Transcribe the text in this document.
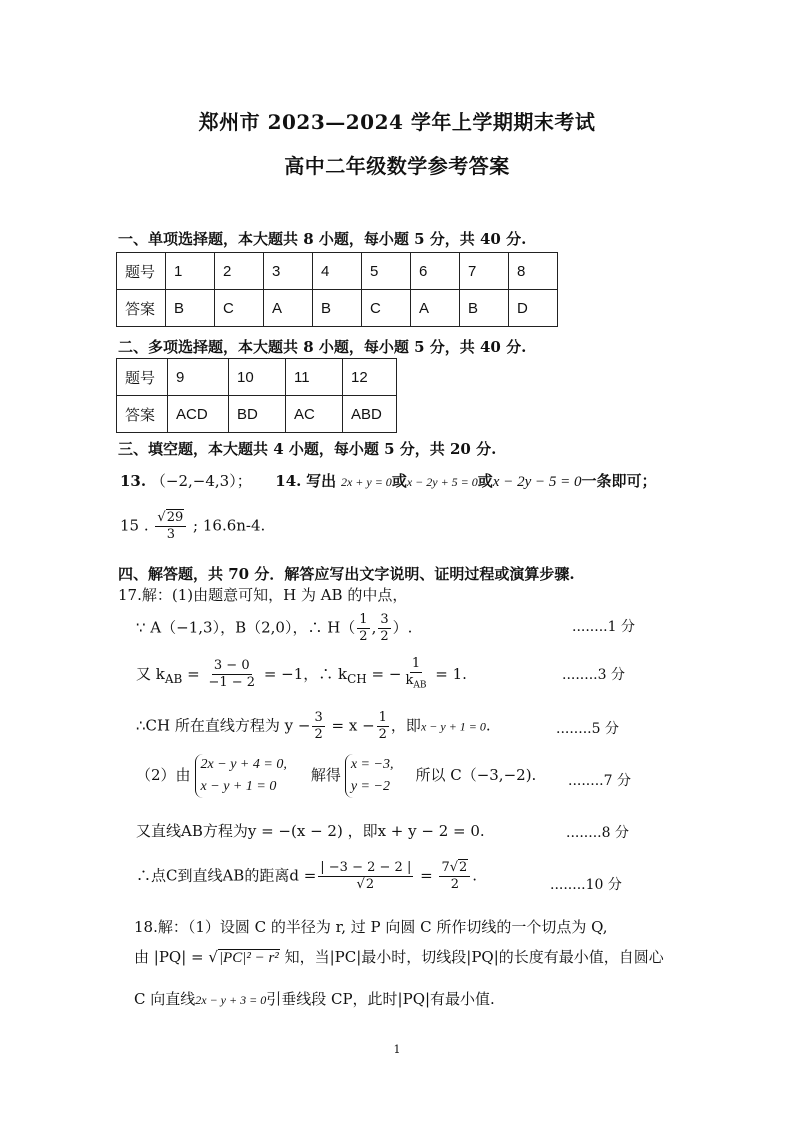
郑州市 2023—2024 学年上学期期末考试
高中二年级数学参考答案
一、单项选择题，本大题共 8 小题，每小题 5 分，共 40 分.
题号	1	2	3	4	5	6	7	8
答案	B	C	A	B	C	A	B	D
二、多项选择题，本大题共 8 小题，每小题 5 分，共 40 分.
题号	9	10	11	12
答案	ACD	BD	AC	ABD
三、填空题，本大题共 4 小题，每小题 5 分，共 20 分.
13. （−2,−4,3）； 14. 写出 2x + y = 0或x − 2y + 5 = 0或x − 2y − 5 = 0一条即可；
15 . $\frac{√29}{3}$ ; 16.6n-4.
四、解答题，共 70 分．解答应写出文字说明、证明过程或演算步骤.
17.解：(1)由题意可知，H 为 AB 的中点，
∵ A（−1,3），B（2,0），∴ $H( \frac{1}{2}$ , $\frac{3}{2}$ ）.	........1 分
又 $k_{AB} = \frac{3 - 0}{-1 - 2} = -1$，∴ $k_{CH}$ = − $\frac{1}{k_{AB}} = 1$.	........3 分
∴CH 所在直线方程为 $y - \frac{3}{2} = x - \frac{1}{2}$ ，即x − y + 1 = 0.	........5 分
（2）由
2x − y + 4 = 0,
x − y + 1 = 0
解得
x = −3,
y = −2
所以 C（−3,−2). ........7 分
又直线AB方程为y = −(x − 2) ，即x + y − 2 = 0.	........8 分
∴点C到直线AB的距离$d = \frac{| -3 - 2 - 2 |}{√2} = \frac{7√2}{2}$ .
........10 分
18.解：（1）设圆 C 的半径为 r, 过 P 向圆 C 所作切线的一个切点为 Q,
由 |PQ| = √|PC|² − r² 知，当|PC|最小时，切线段|PQ|的长度有最小值，自圆心
C 向直线2x − y + 3 = 0引垂线段 CP，此时|PQ|有最小值.
1
